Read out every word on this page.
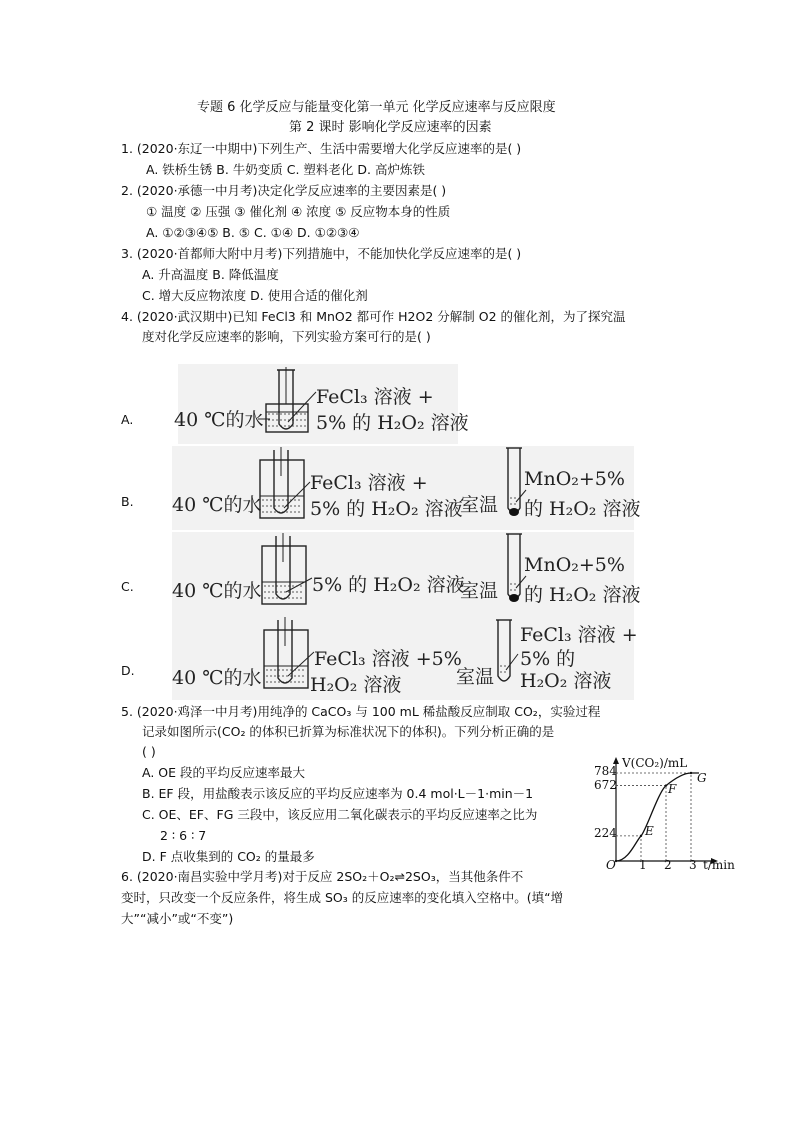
专题 6 化学反应与能量变化第一单元 化学反应速率与反应限度
第 2 课时 影响化学反应速率的因素
1. (2020·东辽一中期中)下列生产、生活中需要增大化学反应速率的是( )
A. 铁桥生锈 B. 牛奶变质 C. 塑料老化 D. 高炉炼铁
2. (2020·承德一中月考)决定化学反应速率的主要因素是( )
① 温度 ② 压强 ③ 催化剂 ④ 浓度 ⑤ 反应物本身的性质
A. ①②③④⑤ B. ⑤ C. ①④ D. ①②③④
3. (2020·首都师大附中月考)下列措施中，不能加快化学反应速率的是( )
A. 升高温度 B. 降低温度
C. 增大反应物浓度 D. 使用合适的催化剂
4. (2020·武汉期中)已知 FeCl3 和 MnO2 都可作 H2O2 分解制 O2 的催化剂，为了探究温
度对化学反应速率的影响，下列实验方案可行的是( )
A. 40 ℃的水
FeCl₃ 溶液 +
5% 的 H₂O₂ 溶液
B. 40 ℃的水
FeCl₃ 溶液 +
5% 的 H₂O₂ 溶液
室温
MnO₂+5%
的 H₂O₂ 溶液
C. 40 ℃的水	5% 的 H₂O₂ 溶液
室温
MnO₂+5%
的 H₂O₂ 溶液
D. 40 ℃的水
FeCl₃ 溶液 +5%
H₂O₂ 溶液	室温
FeCl₃ 溶液 +
5% 的
H₂O₂ 溶液
5. (2020·鸡泽一中月考)用纯净的 CaCO₃ 与 100 mL 稀盐酸反应制取 CO₂，实验过程
记录如图所示(CO₂ 的体积已折算为标准状况下的体积)。下列分析正确的是
( )
A. OE 段的平均反应速率最大
B. EF 段，用盐酸表示该反应的平均反应速率为 0.4 mol·L－1·min－1
C. OE、EF、FG 三段中，该反应用二氧化碳表示的平均反应速率之比为
2 ∶ 6 ∶ 7
D. F 点收集到的 CO₂ 的量最多
V(CO₂)/mL
t/min
784
672
224
O 1 2 3
E
F
G
6. (2020·南昌实验中学月考)对于反应 2SO₂＋O₂⇌2SO₃，当其他条件不
变时，只改变一个反应条件，将生成 SO₃ 的反应速率的变化填入空格中。(填“增
大”“减小”或“不变”)
